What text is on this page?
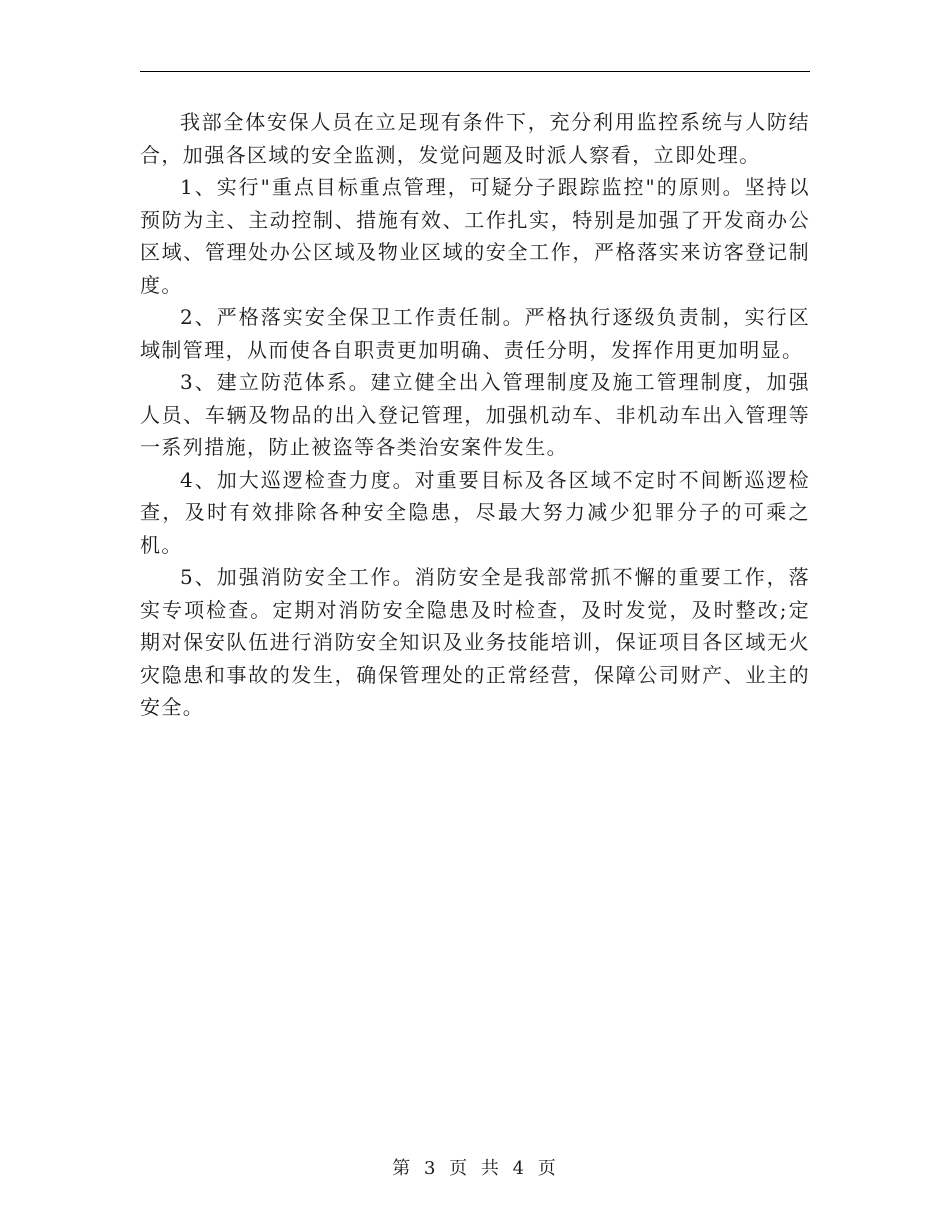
我部全体安保人员在立足现有条件下，充分利用监控系统与人防结合，加强各区域的安全监测，发觉问题及时派人察看，立即处理。

1、实行"重点目标重点管理，可疑分子跟踪监控"的原则。坚持以预防为主、主动控制、措施有效、工作扎实，特别是加强了开发商办公区域、管理处办公区域及物业区域的安全工作，严格落实来访客登记制度。

2、严格落实安全保卫工作责任制。严格执行逐级负责制，实行区域制管理，从而使各自职责更加明确、责任分明，发挥作用更加明显。

3、建立防范体系。建立健全出入管理制度及施工管理制度，加强人员、车辆及物品的出入登记管理，加强机动车、非机动车出入管理等一系列措施，防止被盗等各类治安案件发生。

4、加大巡逻检查力度。对重要目标及各区域不定时不间断巡逻检查，及时有效排除各种安全隐患，尽最大努力减少犯罪分子的可乘之机。

5、加强消防安全工作。消防安全是我部常抓不懈的重要工作，落实专项检查。定期对消防安全隐患及时检查，及时发觉，及时整改;定期对保安队伍进行消防安全知识及业务技能培训，保证项目各区域无火灾隐患和事故的发生，确保管理处的正常经营，保障公司财产、业主的安全。

第 3 页 共 4 页
